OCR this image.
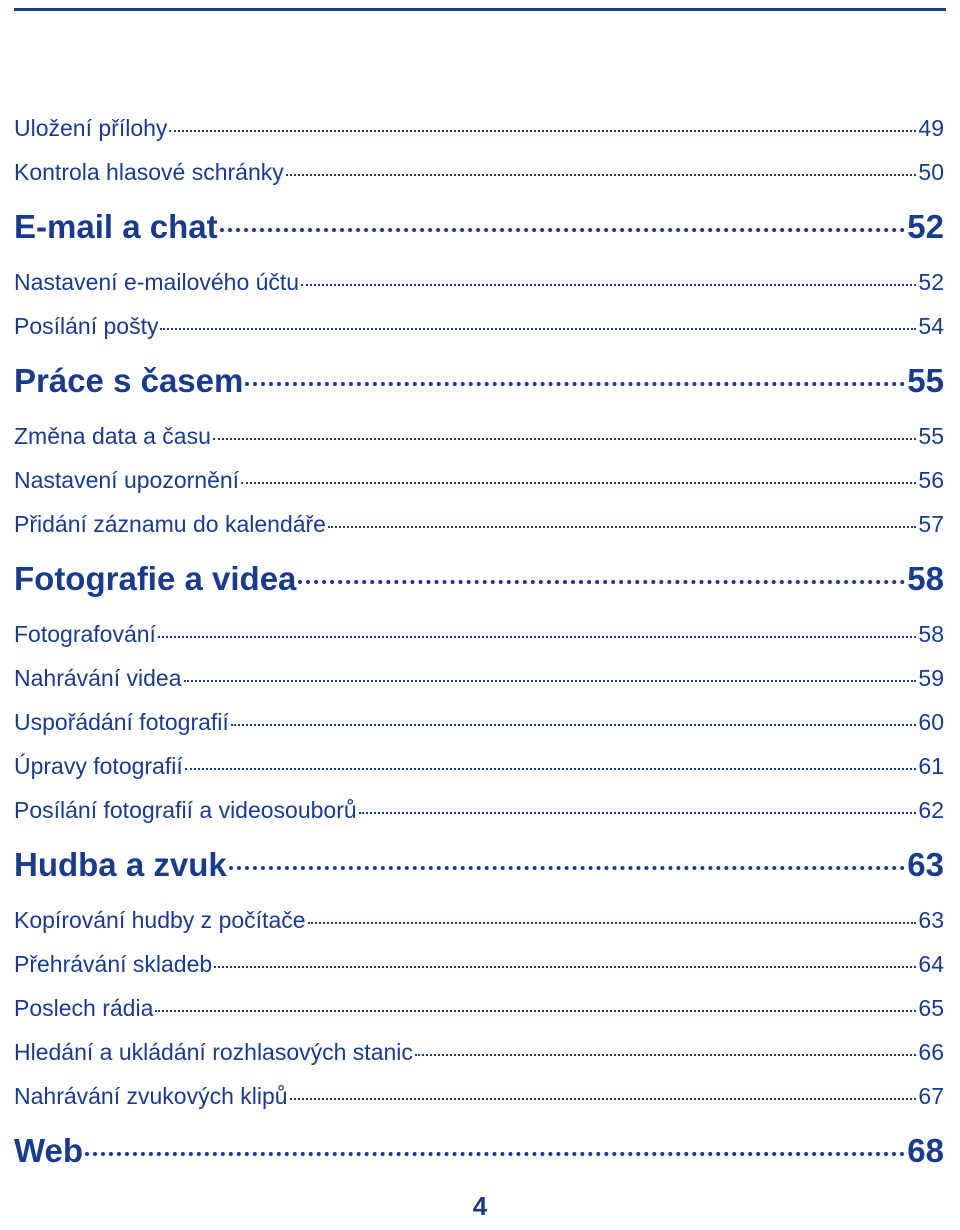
Uložení přílohy	49
Kontrola hlasové schránky	50
E-mail a chat	52
Nastavení e-mailového účtu	52
Posílání pošty	54
Práce s časem	55
Změna data a času	55
Nastavení upozornění	56
Přidání záznamu do kalendáře	57
Fotografie a videa	58
Fotografování	58
Nahrávání videa	59
Uspořádání fotografií	60
Úpravy fotografií	61
Posílání fotografií a videosouborů	62
Hudba a zvuk	63
Kopírování hudby z počítače	63
Přehrávání skladeb	64
Poslech rádia	65
Hledání a ukládání rozhlasových stanic	66
Nahrávání zvukových klipů	67
Web	68
4
